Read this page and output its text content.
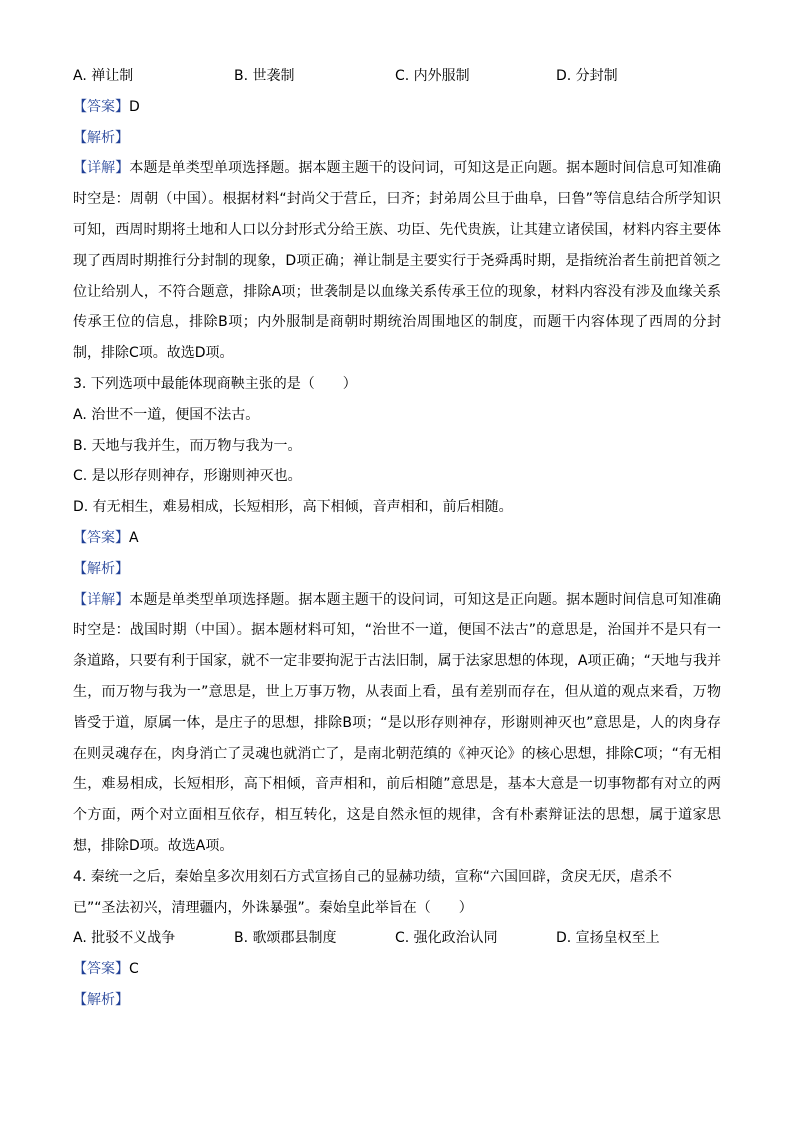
A. 禅让制	B. 世袭制	C. 内外服制	D. 分封制
【答案】D
【解析】
【详解】本题是单类型单项选择题。据本题主题干的设问词，可知这是正向题。据本题时间信息可知准确时空是：周朝（中国）。根据材料“封尚父于营丘，曰齐；封弟周公旦于曲阜，曰鲁”等信息结合所学知识可知，西周时期将土地和人口以分封形式分给王族、功臣、先代贵族，让其建立诸侯国，材料内容主要体现了西周时期推行分封制的现象，D项正确；禅让制是主要实行于尧舜禹时期，是指统治者生前把首领之位让给别人，不符合题意，排除A项；世袭制是以血缘关系传承王位的现象，材料内容没有涉及血缘关系传承王位的信息，排除B项；内外服制是商朝时期统治周围地区的制度，而题干内容体现了西周的分封制，排除C项。故选D项。
3. 下列选项中最能体现商鞅主张的是（　　）
A. 治世不一道，便国不法古。
B. 天地与我并生，而万物与我为一。
C. 是以形存则神存，形谢则神灭也。
D. 有无相生，难易相成，长短相形，高下相倾，音声相和，前后相随。
【答案】A
【解析】
【详解】本题是单类型单项选择题。据本题主题干的设问词，可知这是正向题。据本题时间信息可知准确时空是：战国时期（中国）。据本题材料可知，“治世不一道，便国不法古”的意思是，治国并不是只有一条道路，只要有利于国家，就不一定非要拘泥于古法旧制，属于法家思想的体现，A项正确；“天地与我并生，而万物与我为一”意思是，世上万事万物，从表面上看，虽有差别而存在，但从道的观点来看，万物皆受于道，原属一体，是庄子的思想，排除B项；“是以形存则神存，形谢则神灭也”意思是，人的肉身存在则灵魂存在，肉身消亡了灵魂也就消亡了，是南北朝范缜的《神灭论》的核心思想，排除C项；“有无相生，难易相成，长短相形，高下相倾，音声相和，前后相随”意思是，基本大意是一切事物都有对立的两个方面，两个对立面相互依存，相互转化，这是自然永恒的规律，含有朴素辩证法的思想，属于道家思想，排除D项。故选A项。
4. 秦统一之后，秦始皇多次用刻石方式宣扬自己的显赫功绩，宣称“六国回辟，贪戾无厌，虐杀不
已”“圣法初兴，清理疆内，外诛暴强”。秦始皇此举旨在（　　）
A. 批驳不义战争	B. 歌颂郡县制度	C. 强化政治认同	D. 宣扬皇权至上
【答案】C
【解析】
